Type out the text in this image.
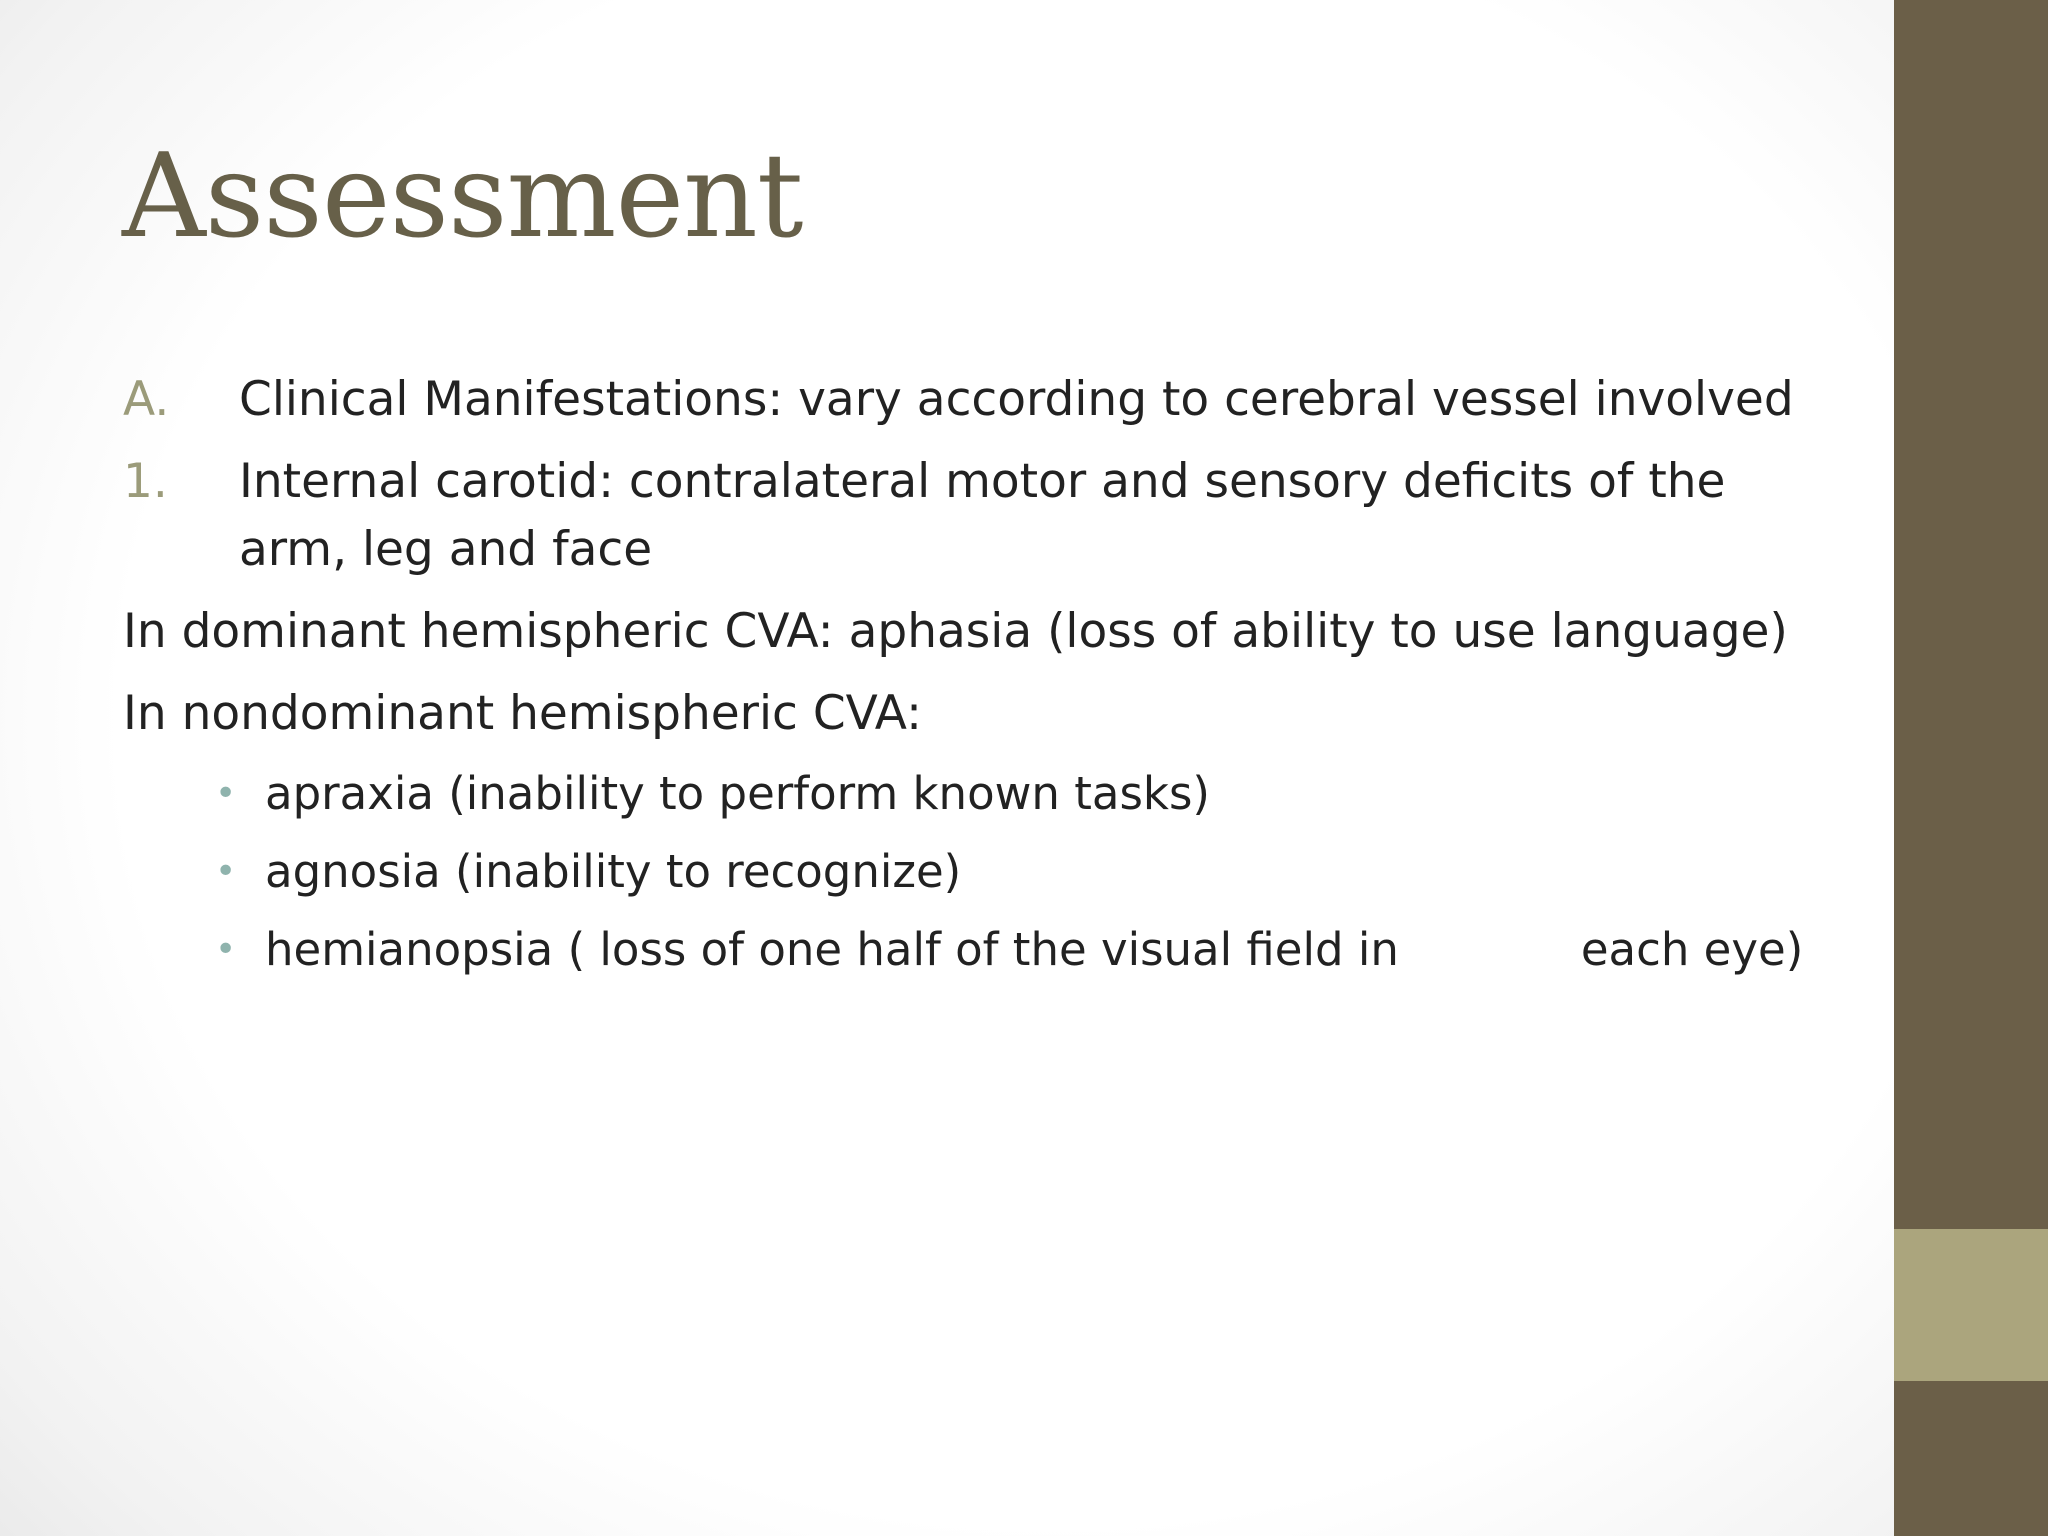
Assessment
A.	Clinical Manifestations: vary according to cerebral vessel involved
1.	Internal carotid: contralateral motor and sensory deficits of the arm, leg and face
In dominant hemispheric CVA: aphasia (loss of ability to use language)
In nondominant hemispheric CVA:
• apraxia (inability to perform known tasks)
• agnosia (inability to recognize)
• hemianopsia ( loss of one half of the visual field in	each eye)
